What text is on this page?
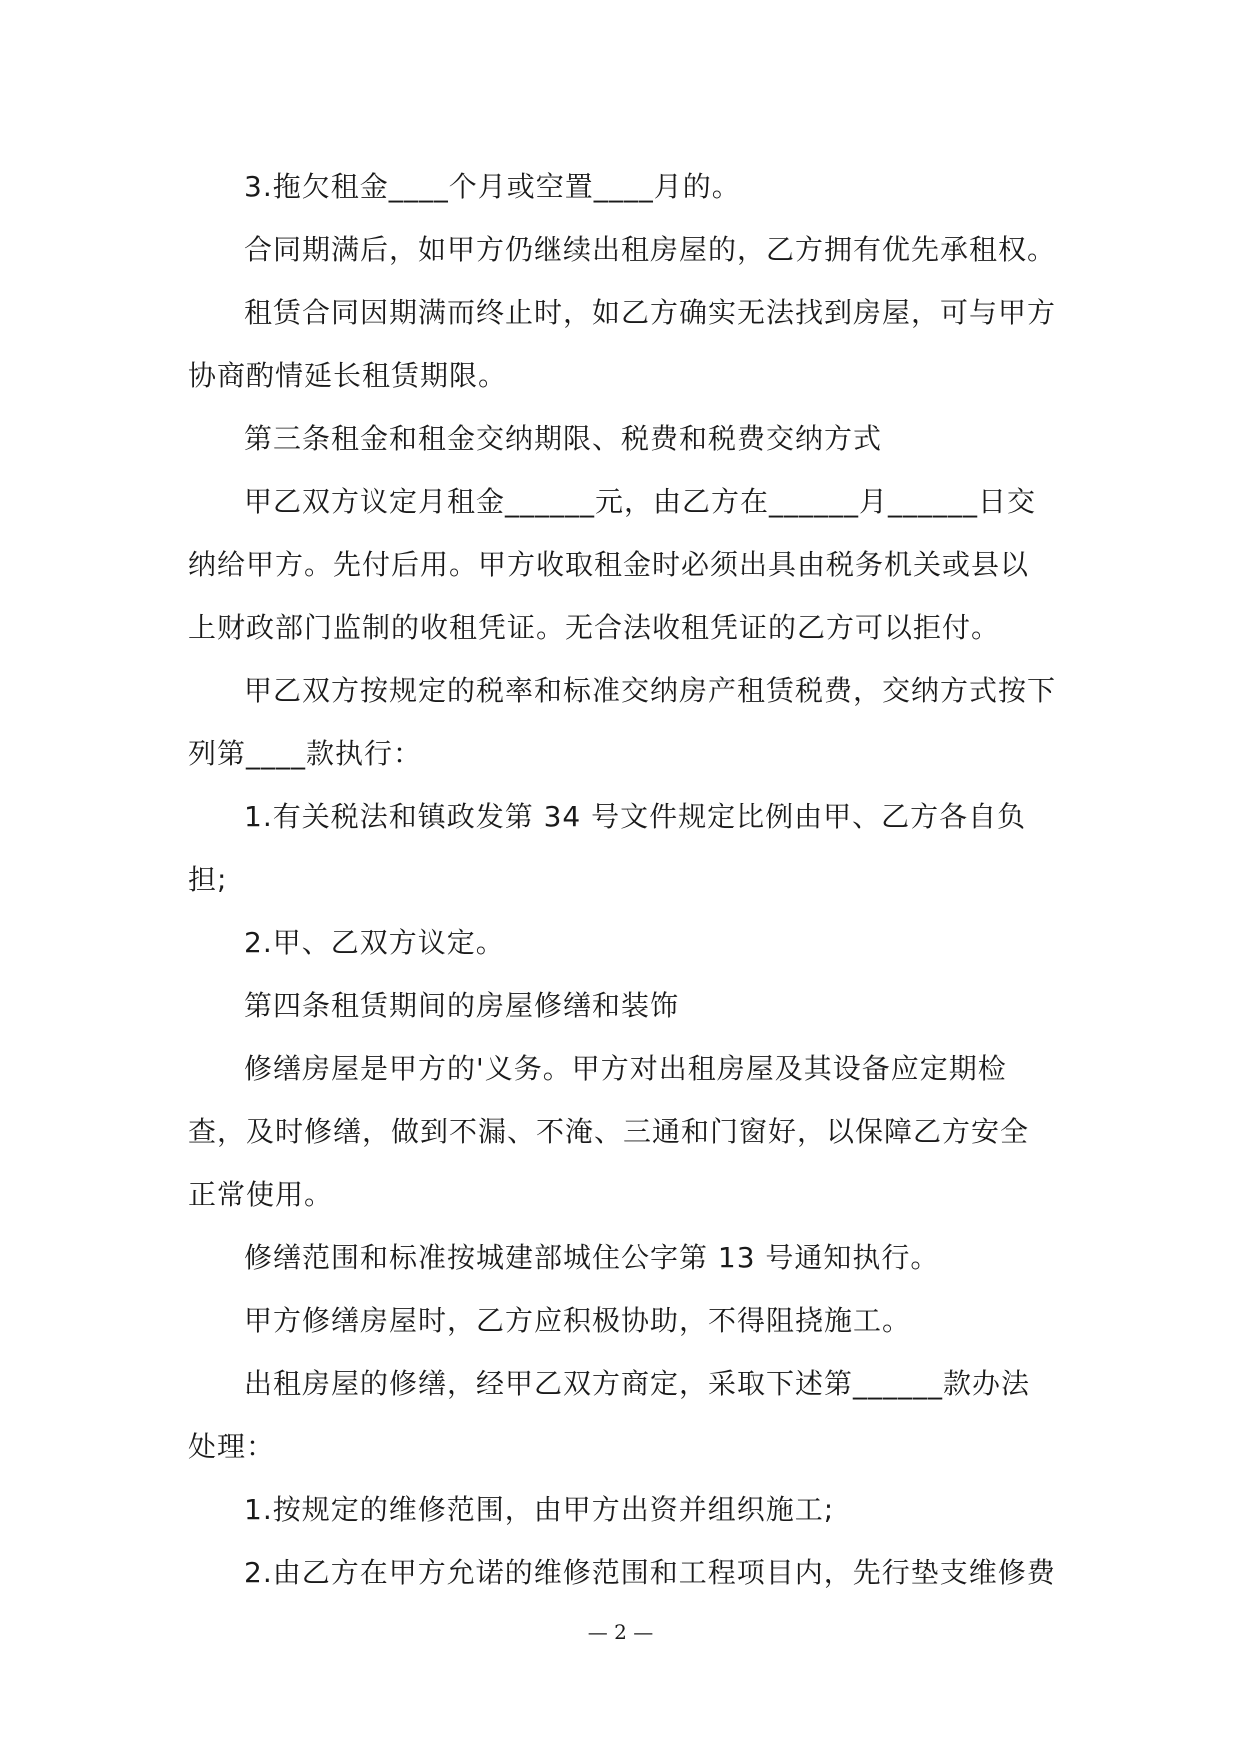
3.拖欠租金____个月或空置____月的。

合同期满后，如甲方仍继续出租房屋的，乙方拥有优先承租权。

租赁合同因期满而终止时，如乙方确实无法找到房屋，可与甲方协商酌情延长租赁期限。

第三条租金和租金交纳期限、税费和税费交纳方式

甲乙双方议定月租金______元，由乙方在______月______日交纳给甲方。先付后用。甲方收取租金时必须出具由税务机关或县以上财政部门监制的收租凭证。无合法收租凭证的乙方可以拒付。

甲乙双方按规定的税率和标准交纳房产租赁税费，交纳方式按下列第____款执行：

1.有关税法和镇政发第 34 号文件规定比例由甲、乙方各自负担;

2.甲、乙双方议定。

第四条租赁期间的房屋修缮和装饰

修缮房屋是甲方的'义务。甲方对出租房屋及其设备应定期检查，及时修缮，做到不漏、不淹、三通和门窗好，以保障乙方安全正常使用。

修缮范围和标准按城建部城住公字第 13 号通知执行。

甲方修缮房屋时，乙方应积极协助，不得阻挠施工。

出租房屋的修缮，经甲乙双方商定，采取下述第______款办法处理：

1.按规定的维修范围，由甲方出资并组织施工;

2.由乙方在甲方允诺的维修范围和工程项目内，先行垫支维修费

— 2 —
